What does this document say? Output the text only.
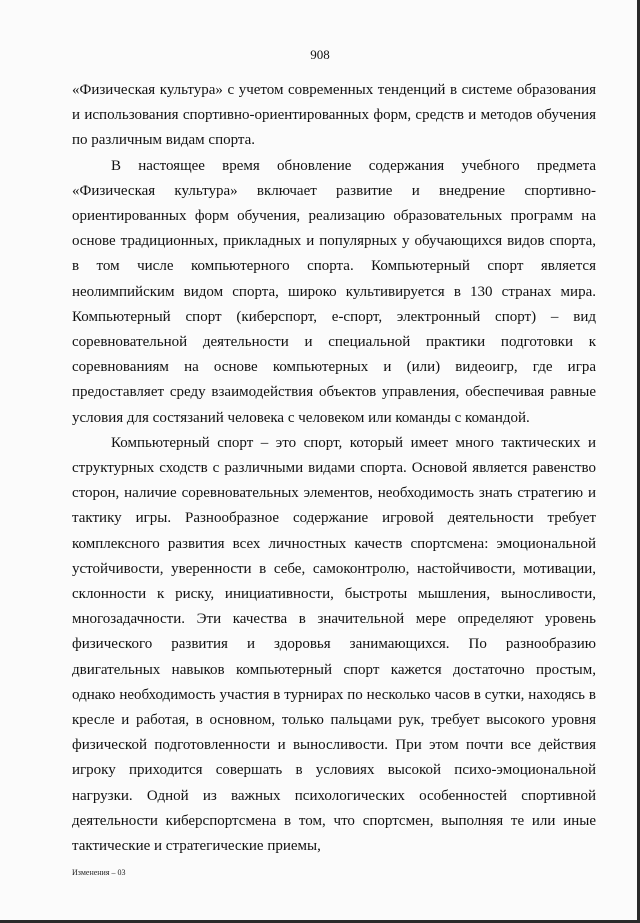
908

«Физическая культура» с учетом современных тенденций в системе образования и использования спортивно-ориентированных форм, средств и методов обучения по различным видам спорта.

В настоящее время обновление содержания учебного предмета «Физическая культура» включает развитие и внедрение спортивно-ориентированных форм обучения, реализацию образовательных программ на основе традиционных, прикладных и популярных у обучающихся видов спорта, в том числе компьютерного спорта. Компьютерный спорт является неолимпийским видом спорта, широко культивируется в 130 странах мира. Компьютерный спорт (киберспорт, е-спорт, электронный спорт) – вид соревновательной деятельности и специальной практики подготовки к соревнованиям на основе компьютерных и (или) видеоигр, где игра предоставляет среду взаимодействия объектов управления, обеспечивая равные условия для состязаний человека с человеком или команды с командой.

Компьютерный спорт – это спорт, который имеет много тактических и структурных сходств с различными видами спорта. Основой является равенство сторон, наличие соревновательных элементов, необходимость знать стратегию и тактику игры. Разнообразное содержание игровой деятельности требует комплексного развития всех личностных качеств спортсмена: эмоциональной устойчивости, уверенности в себе, самоконтролю, настойчивости, мотивации, склонности к риску, инициативности, быстроты мышления, выносливости, многозадачности. Эти качества в значительной мере определяют уровень физического развития и здоровья занимающихся. По разнообразию двигательных навыков компьютерный спорт кажется достаточно простым, однако необходимость участия в турнирах по несколько часов в сутки, находясь в кресле и работая, в основном, только пальцами рук, требует высокого уровня физической подготовленности и выносливости. При этом почти все действия игроку приходится совершать в условиях высокой психо-эмоциональной нагрузки. Одной из важных психологических особенностей спортивной деятельности киберспортсмена в том, что спортсмен, выполняя те или иные тактические и стратегические приемы,

Изменения – 03
